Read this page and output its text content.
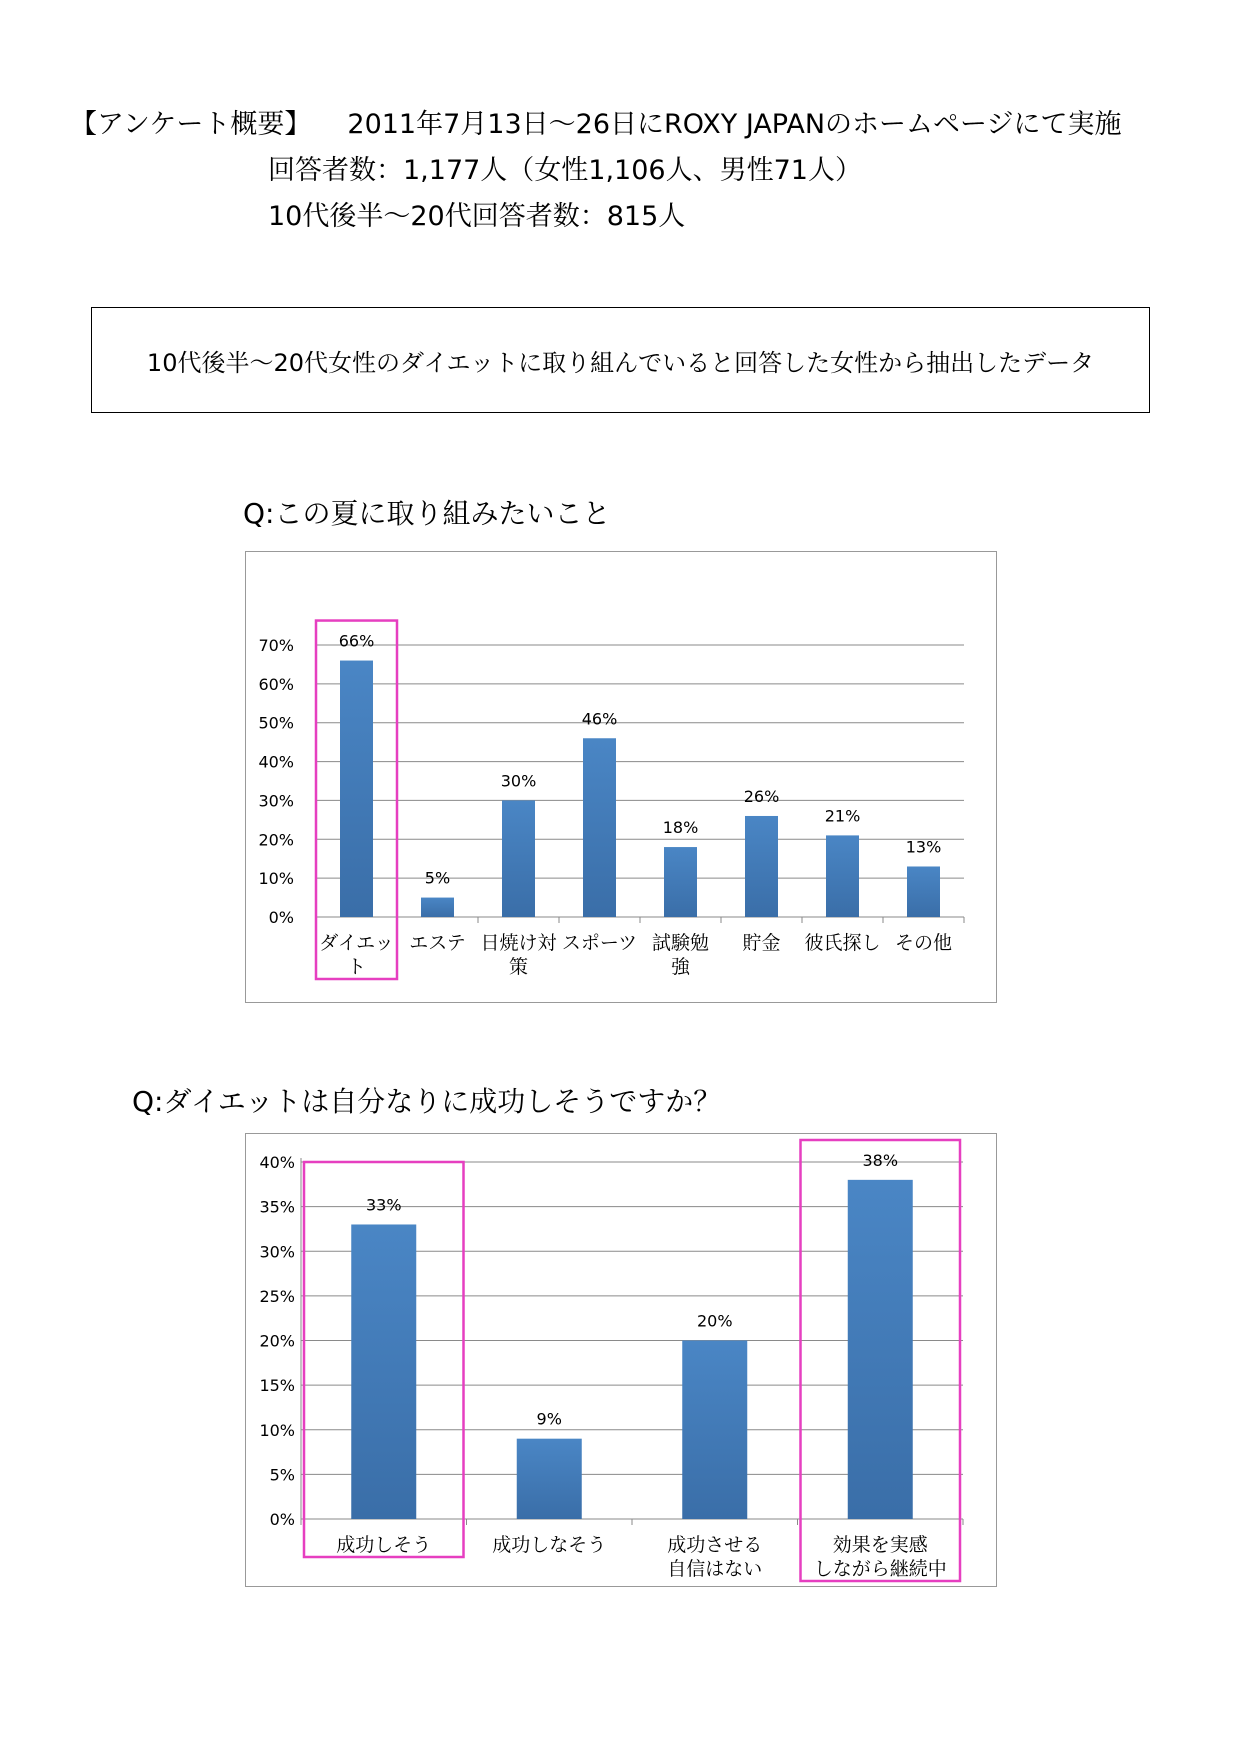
【アンケート概要】 2011年7月13日〜26日にROXY JAPANのホームページにて実施
回答者数：1,177人（女性1,106人、男性71人）
10代後半〜20代回答者数：815人
10代後半〜20代女性のダイエットに取り組んでいると回答した女性から抽出したデータ
Q:この夏に取り組みたいこと
0%
10%
20%
30%
40%
50%
60%
70%	66%
ダイエッ
ト
5%
エステ
30%
日焼け対
策
46%
スポーツ
18%
試験勉
強
26%
貯金
21%
彼氏探し
13%
その他
Q:ダイエットは自分なりに成功しそうですか？
0%
5%
10%
15%
20%
25%
30%
35%
40%
33%
成功しそう
9%
成功しなそう
20%
成功させる
自信はない
38%
効果を実感
しながら継続中
